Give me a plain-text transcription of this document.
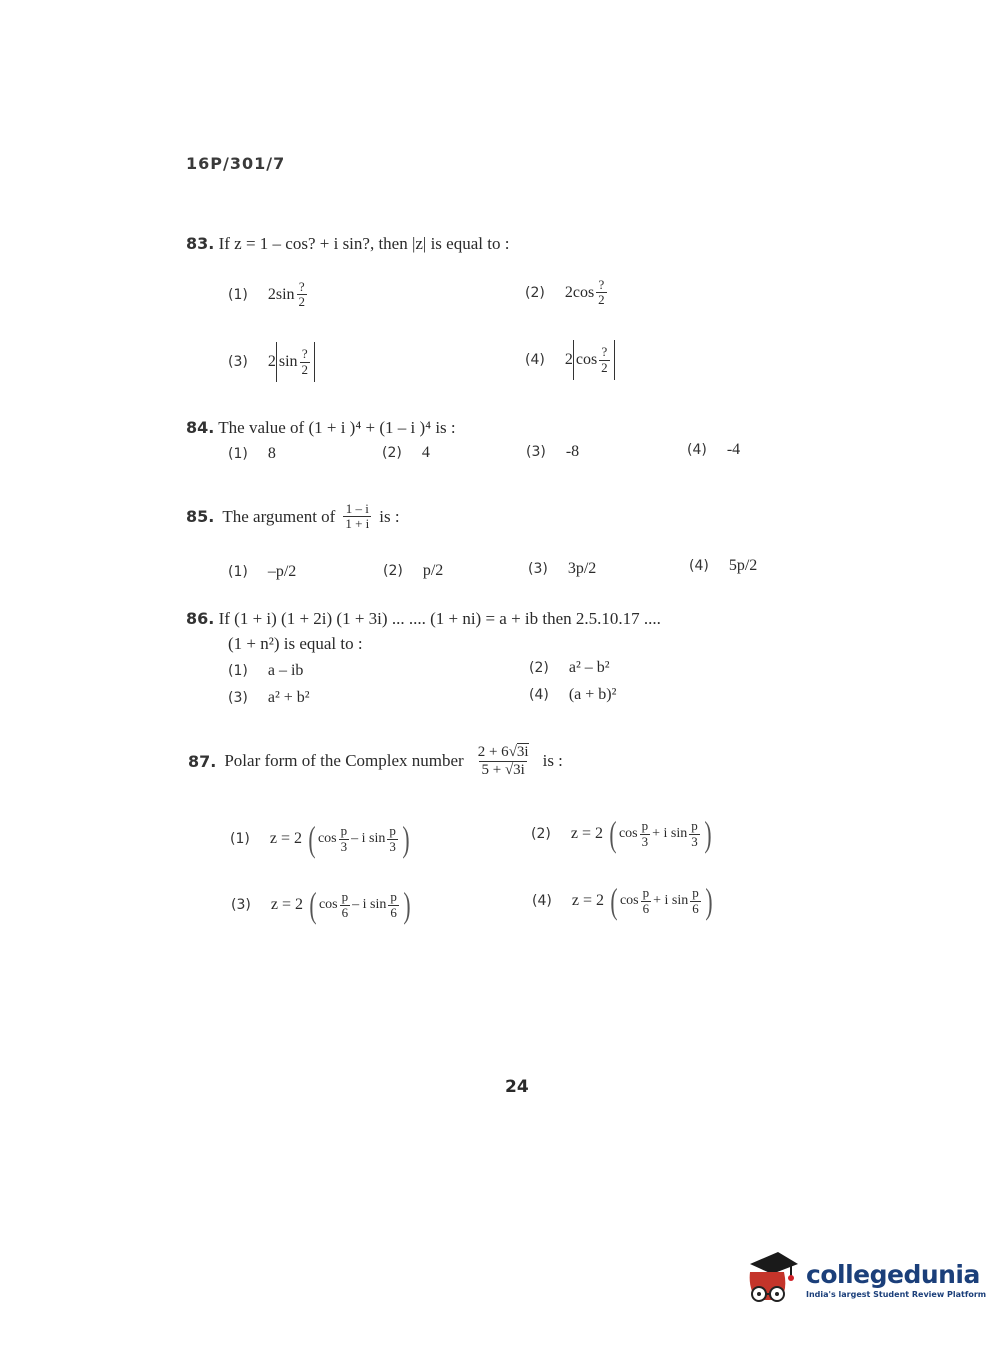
16P/301/7
83. If z = 1 – cos? + i sin?, then |z| is equal to :
(1) $2\sin \frac{?}{2}$	(2) $2\cos \frac{?}{2}$
(3) 2 $\sin \frac{?}{2}$	(4) 2 $\cos \frac{?}{2}$
84. The value of (1 + i )⁴ + (1 – i )⁴ is :
(1) 8	(2) 4	(3) -8	(4) -4
85. The argument of $\frac{1 - i}{1 + i}$ is :
(1) –p/2	(2) p/2	(3) 3p/2	(4) 5p/2
86. If (1 + i) (1 + 2i) (1 + 3i) ... .... (1 + ni) = a + ib then 2.5.10.17 ....
(1 + n²) is equal to :
(1) a – ib	(2) a² – b²
(3) a² + b²	(4) (a + b)²
87. Polar form of the Complex number $\frac{2 + 6√3i}{5 + √3i}$ is :
(1) z = 2 ( $\cos \frac{p}{3}$ – i $\sin \frac{p}{3}$ )	(2) z = 2 ( $\cos \frac{p}{3} + i$ $\sin \frac{p}{3}$ )
(3) z = 2 ( $\cos \frac{p}{6}$ – i $\sin \frac{p}{6}$ )	(4) z = 2 ( $\cos \frac{p}{6} + i$ $\sin \frac{p}{6}$ )
24
collegedunia
India's largest Student Review Platform
